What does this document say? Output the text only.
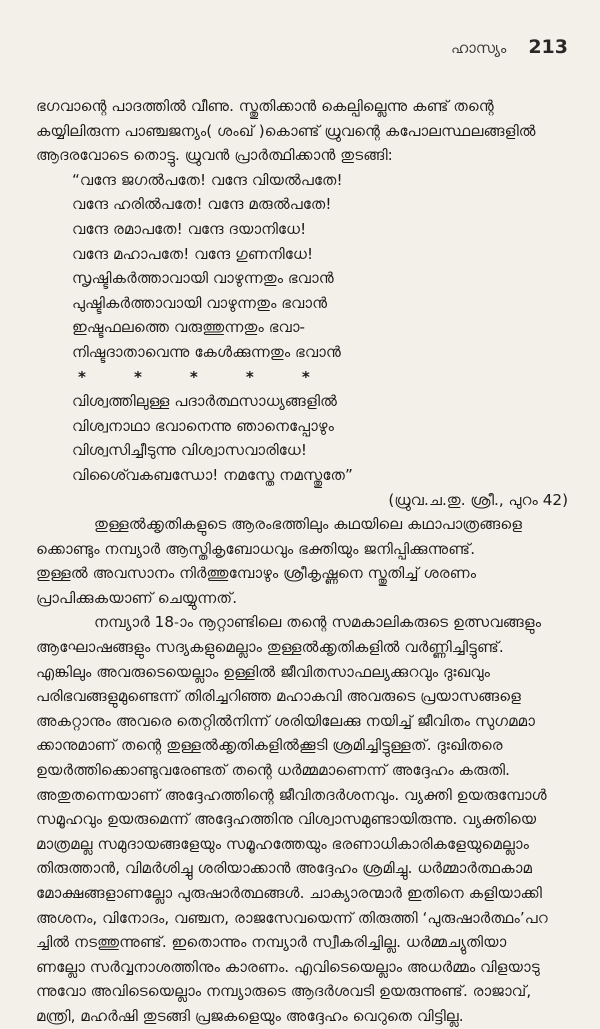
ഹാസ്യം 213
ഭഗവാന്റെ പാദത്തിൽ വീണു. സ്തുതിക്കാൻ കെല്പില്ലെന്നു കണ്ട് തന്റെ
കയ്യിലിരുന്ന പാഞ്ചജന്യം( ശംഖ് )കൊണ്ട് ധ്രുവന്റെ കപോലസ്ഥലങ്ങളിൽ
ആദരവോടെ തൊട്ടു. ധ്രുവൻ പ്രാർത്ഥിക്കാൻ തുടങ്ങി:
“വന്ദേ ജഗൽപതേ! വന്ദേ വിയൽപതേ!
വന്ദേ ഹരിൽപതേ! വന്ദേ മരുൽപതേ!
വന്ദേ രമാപതേ! വന്ദേ ദയാനിധേ!
വന്ദേ മഹാപതേ! വന്ദേ ഗുണനിധേ!
സൃഷ്ടികർത്താവായി വാഴുന്നതും ഭവാൻ
പുഷ്ടികർത്താവായി വാഴുന്നതും ഭവാൻ
ഇഷ്ടഫലത്തെ വരുത്തുന്നതും ഭവാ-
നിഷ്ടദാതാവെന്നു കേൾക്കുന്നതും ഭവാൻ
*	*	*	*	*
വിശ്വത്തിലുള്ള പദാർത്ഥസാധ്യങ്ങളിൽ
വിശ്വനാഥാ ഭവാനെന്നു ഞാനെപ്പോഴും
വിശ്വസിച്ചീടുന്നു വിശ്വാസവാരിധേ!
വിശൈ്വകബന്ധോ! നമസ്തേ നമസ്തുതേ”
(ധ്രുവ.ച.തു. ശ്രീ., പുറം 42)
തുള്ളൽക്കൃതികളുടെ ആരംഭത്തിലും കഥയിലെ കഥാപാത്രങ്ങളെ
ക്കൊണ്ടും നമ്പ്യാർ ആസ്തികൃബോധവും ഭക്തിയും ജനിപ്പിക്കുന്നുണ്ട്.
തുള്ളൽ അവസാനം നിർത്തുമ്പോഴും ശ്രീകൃഷ്ണനെ സ്തുതിച്ച് ശരണം
പ്രാപിക്കുകയാണ് ചെയ്യുന്നത്.
നമ്പ്യാർ 18-ാം നൂറ്റാണ്ടിലെ തന്റെ സമകാലികരുടെ ഉത്സവങ്ങളും
ആഘോഷങ്ങളും സദ്യകളുമെല്ലാം തുള്ളൽക്കൃതികളിൽ വർണ്ണിച്ചിട്ടുണ്ട്.
എങ്കിലും അവരുടെയെല്ലാം ഉള്ളിൽ ജീവിതസാഫല്യക്കുറവും ദുഃഖവും
പരിഭവങ്ങളുമുണ്ടെന്ന് തിരിച്ചറിഞ്ഞ മഹാകവി അവരുടെ പ്രയാസങ്ങളെ
അകറ്റാനും അവരെ തെറ്റിൽനിന്ന് ശരിയിലേക്കു നയിച്ച് ജീവിതം സുഗമമാ
ക്കാനുമാണ് തന്റെ തുള്ളൽക്കൃതികളിൽക്കൂടി ശ്രമിച്ചിട്ടുള്ളത്. ദുഃഖിതരെ
ഉയർത്തിക്കൊണ്ടുവരേണ്ടത് തന്റെ ധർമ്മമാണെന്ന് അദ്ദേഹം കരുതി.
അതുതന്നെയാണ് അദ്ദേഹത്തിന്റെ ജീവിതദർശനവും. വ്യക്തി ഉയരുമ്പോൾ
സമൂഹവും ഉയരുമെന്ന് അദ്ദേഹത്തിനു വിശ്വാസമുണ്ടായിരുന്നു. വ്യക്തിയെ
മാത്രമല്ല സമുദായങ്ങളേയും സമൂഹത്തേയും ഭരണാധികാരികളേയുമെല്ലാം
തിരുത്താൻ, വിമർശിച്ചു ശരിയാക്കാൻ അദ്ദേഹം ശ്രമിച്ചു. ധർമ്മാർത്ഥകാമ
മോക്ഷങ്ങളാണല്ലോ പുരുഷാർത്ഥങ്ങൾ. ചാക്യാരന്മാർ ഇതിനെ കളിയാക്കി
അശനം, വിനോദം, വഞ്ചന, രാജസേവയെന്ന് തിരുത്തി ‘പുരുഷാർത്ഥം’പറ
ച്ചിൽ നടത്തുന്നുണ്ട്. ഇതൊന്നും നമ്പ്യാർ സ്വീകരിച്ചില്ല. ധർമ്മച്യുതിയാ
ണല്ലോ സർവ്വനാശത്തിനും കാരണം. എവിടെയെല്ലാം അധർമ്മം വിളയാടു
ന്നുവോ അവിടെയെല്ലാം നമ്പ്യാരുടെ ആദർശവടി ഉയരുന്നുണ്ട്. രാജാവ്,
മന്ത്രി, മഹർഷി തുടങ്ങി പ്രജകളെയും അദ്ദേഹം വെറുതെ വിട്ടില്ല.
